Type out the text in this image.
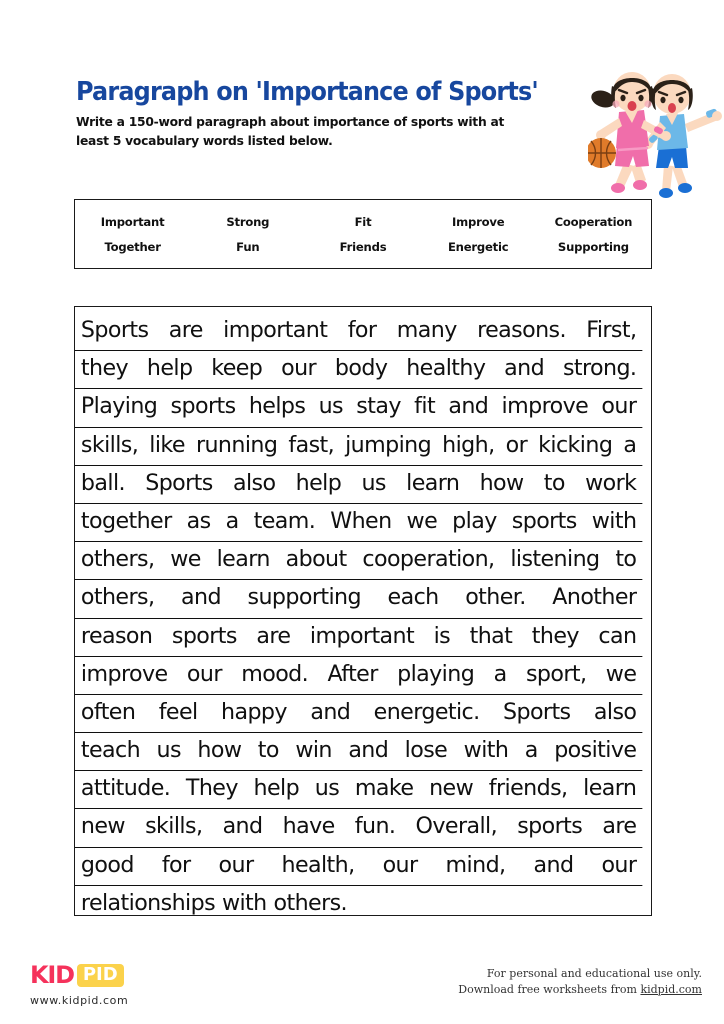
Paragraph on 'Importance of Sports'

Write a 150-word paragraph about importance of sports with at least 5 vocabulary words listed below.

Important	Strong	Fit	Improve	Cooperation
Together	Fun	Friends	Energetic	Supporting
Sports are important for many reasons. First,
they help keep our body healthy and strong.
Playing sports helps us stay fit and improve our
skills, like running fast, jumping high, or kicking a
ball. Sports also help us learn how to work
together as a team. When we play sports with
others, we learn about cooperation, listening to
others, and supporting each other. Another
reason sports are important is that they can
improve our mood. After playing a sport, we
often feel happy and energetic. Sports also
teach us how to win and lose with a positive
attitude. They help us make new friends, learn
new skills, and have fun. Overall, sports are
good for our health, our mind, and our
relationships with others.
KID PID
www.kidpid.com
For personal and educational use only.
Download free worksheets from kidpid.com
